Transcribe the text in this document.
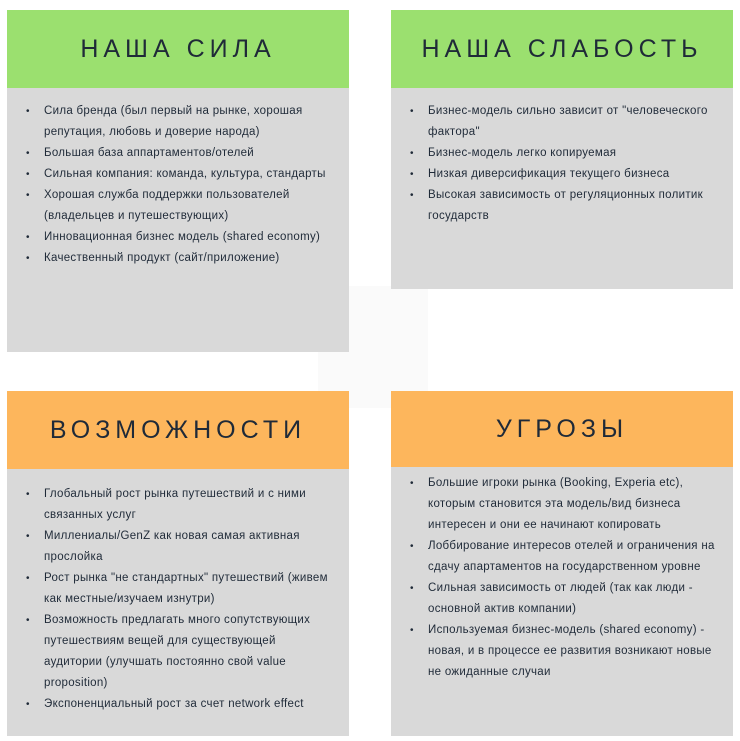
НАША СИЛА
• Сила бренда (был первый на рынке, хорошая репутация, любовь и доверие народа)
• Большая база аппартаментов/отелей
• Сильная компания: команда, культура, стандарты
• Хорошая служба поддержки пользователей (владельцев и путешествующих)
• Инновационная бизнес модель (shared economy)
• Качественный продукт (сайт/приложение)
НАША СЛАБОСТЬ
• Бизнес-модель сильно зависит от "человеческого фактора"
• Бизнес-модель легко копируемая
• Низкая диверсификация текущего бизнеса
• Высокая зависимость от регуляционных политик государств
ВОЗМОЖНОСТИ
• Глобальный рост рынка путешествий и с ними связанных услуг
• Миллениалы/GenZ как новая самая активная прослойка
• Рост рынка "не стандартных" путешествий (живем как местные/изучаем изнутри)
• Возможность предлагать много сопутствующих путешествиям вещей для существующей аудитории (улучшать постоянно свой value proposition)
• Экспоненциальный рост за счет network effect
УГРОЗЫ
• Большие игроки рынка (Booking, Experia etc), которым становится эта модель/вид бизнеса интересен и они ее начинают копировать
• Лоббирование интересов отелей и ограничения на сдачу апартаментов на государственном уровне
• Сильная зависимость от людей (так как люди - основной актив компании)
• Используемая бизнес-модель (shared economy) - новая, и в процессе ее развития возникают новые не ожиданные случаи
